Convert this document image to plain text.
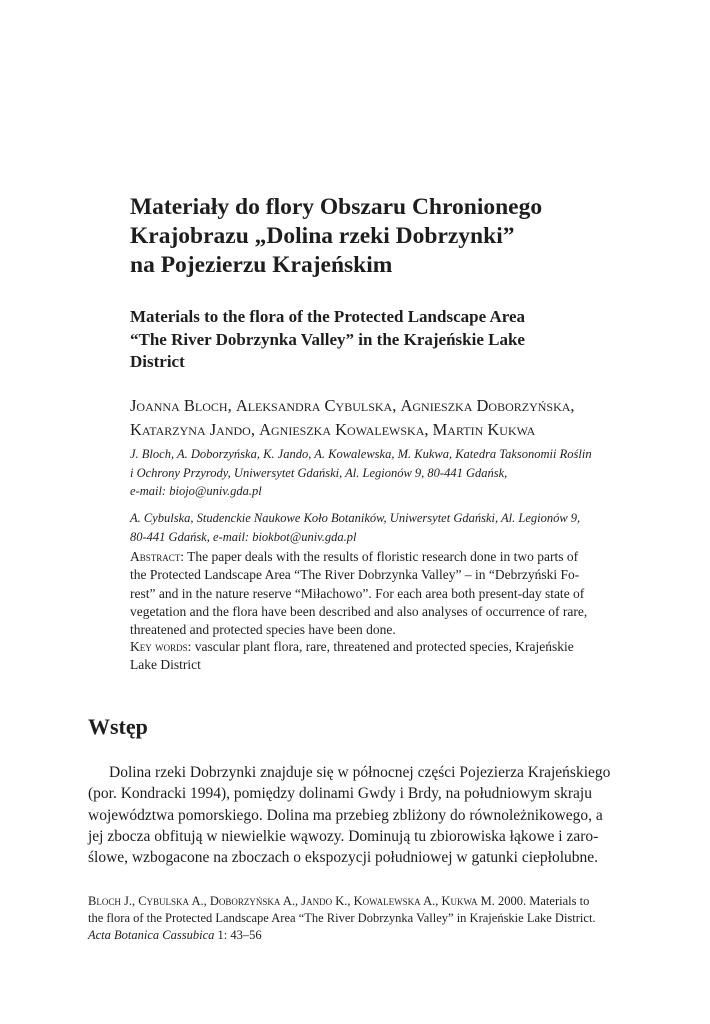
Materiały do flory Obszaru Chronionego
Krajobrazu „Dolina rzeki Dobrzynki”
na Pojezierzu Krajeńskim
Materials to the flora of the Protected Landscape Area
“The River Dobrzynka Valley” in the Krajeńskie Lake
District
Joanna Bloch, Aleksandra Cybulska, Agnieszka Doborzyńska,
Katarzyna Jando, Agnieszka Kowalewska, Martin Kukwa
J. Bloch, A. Doborzyńska, K. Jando, A. Kowalewska, M. Kukwa, Katedra Taksonomii Roślin
i Ochrony Przyrody, Uniwersytet Gdański, Al. Legionów 9, 80-441 Gdańsk,
e-mail: biojo@univ.gda.pl
A. Cybulska, Studenckie Naukowe Koło Botaników, Uniwersytet Gdański, Al. Legionów 9,
80-441 Gdańsk, e-mail: biokbot@univ.gda.pl
Abstract: The paper deals with the results of floristic research done in two parts of
the Protected Landscape Area “The River Dobrzynka Valley” – in “Debrzyński Fo-
rest” and in the nature reserve “Miłachowo”. For each area both present-day state of
vegetation and the flora have been described and also analyses of occurrence of rare,
threatened and protected species have been done.
Key words: vascular plant flora, rare, threatened and protected species, Krajeńskie
Lake District
Wstęp
Dolina rzeki Dobrzynki znajduje się w północnej części Pojezierza Krajeńskiego
(por. Kondracki 1994), pomiędzy dolinami Gwdy i Brdy, na południowym skraju
województwa pomorskiego. Dolina ma przebieg zbliżony do równoleżnikowego, a
jej zbocza obfitują w niewielkie wąwozy. Dominują tu zbiorowiska łąkowe i zaro-
ślowe, wzbogacone na zboczach o ekspozycji południowej w gatunki ciepłolubne.
Bloch J., Cybulska A., Doborzyńska A., Jando K., Kowalewska A., Kukwa M. 2000. Materials to
the flora of the Protected Landscape Area “The River Dobrzynka Valley” in Krajeńskie Lake District.
Acta Botanica Cassubica 1: 43–56
